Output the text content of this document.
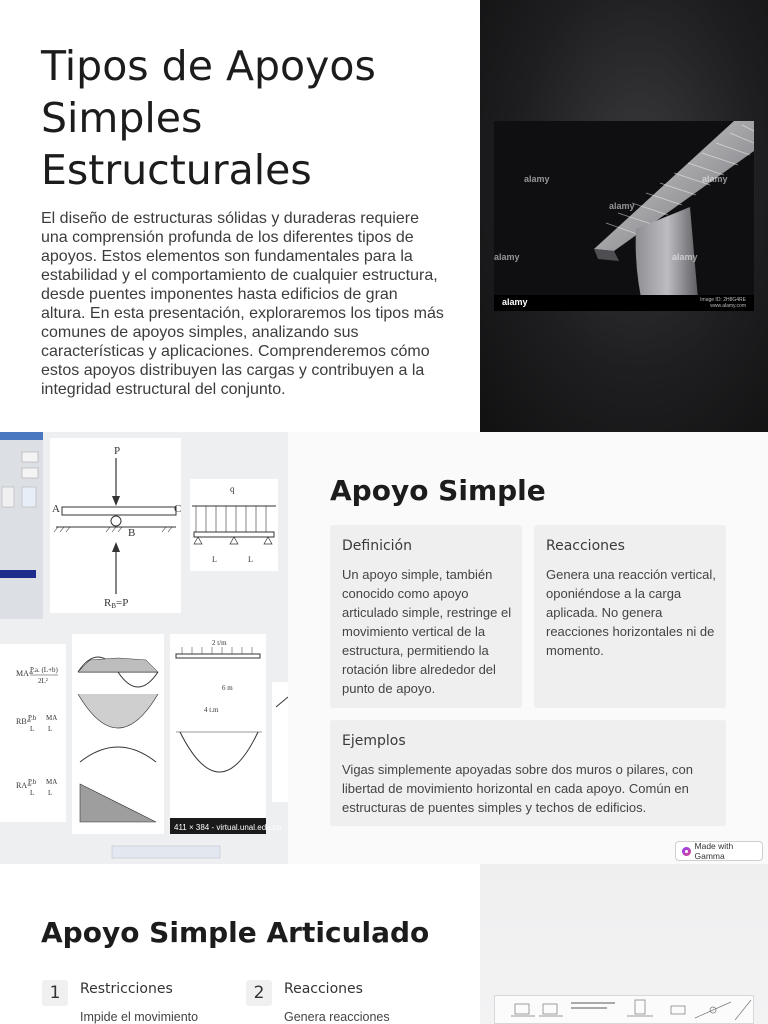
Tipos de Apoyos Simples Estructurales

El diseño de estructuras sólidas y duraderas requiere una comprensión profunda de los diferentes tipos de apoyos. Estos elementos son fundamentales para la estabilidad y el comportamiento de cualquier estructura, desde puentes imponentes hasta edificios de gran altura. En esta presentación, exploraremos los tipos más comunes de apoyos simples, analizando sus características y aplicaciones. Comprenderemos cómo estos apoyos distribuyen las cargas y contribuyen a la integridad estructural del conjunto.

alamy
alamy
alamy
alamy	alamy
alamy	Image ID: 2H8G4RE
www.alamy.com
P
A	C
B
RB=P
q
L	L
MA=
P.a. (L+b)
2L²
RB=
P.b
L
MA
L
RA=
P.b
L
MA
L
2 t/m
6 m
4 t.m
411 × 384 - virtual.unal.edu.co
Apoyo Simple
Definición
Un apoyo simple, también conocido como apoyo articulado simple, restringe el movimiento vertical de la estructura, permitiendo la rotación libre alrededor del punto de apoyo.
Reacciones
Genera una reacción vertical, oponiéndose a la carga aplicada. No genera reacciones horizontales ni de momento.
Ejemplos
Vigas simplemente apoyadas sobre dos muros o pilares, con libertad de movimiento horizontal en cada apoyo. Común en estructuras de puentes simples y techos de edificios.
Made with Gamma
Apoyo Simple Articulado
1	Restricciones
Impide el movimiento
2	Reacciones
Genera reacciones
